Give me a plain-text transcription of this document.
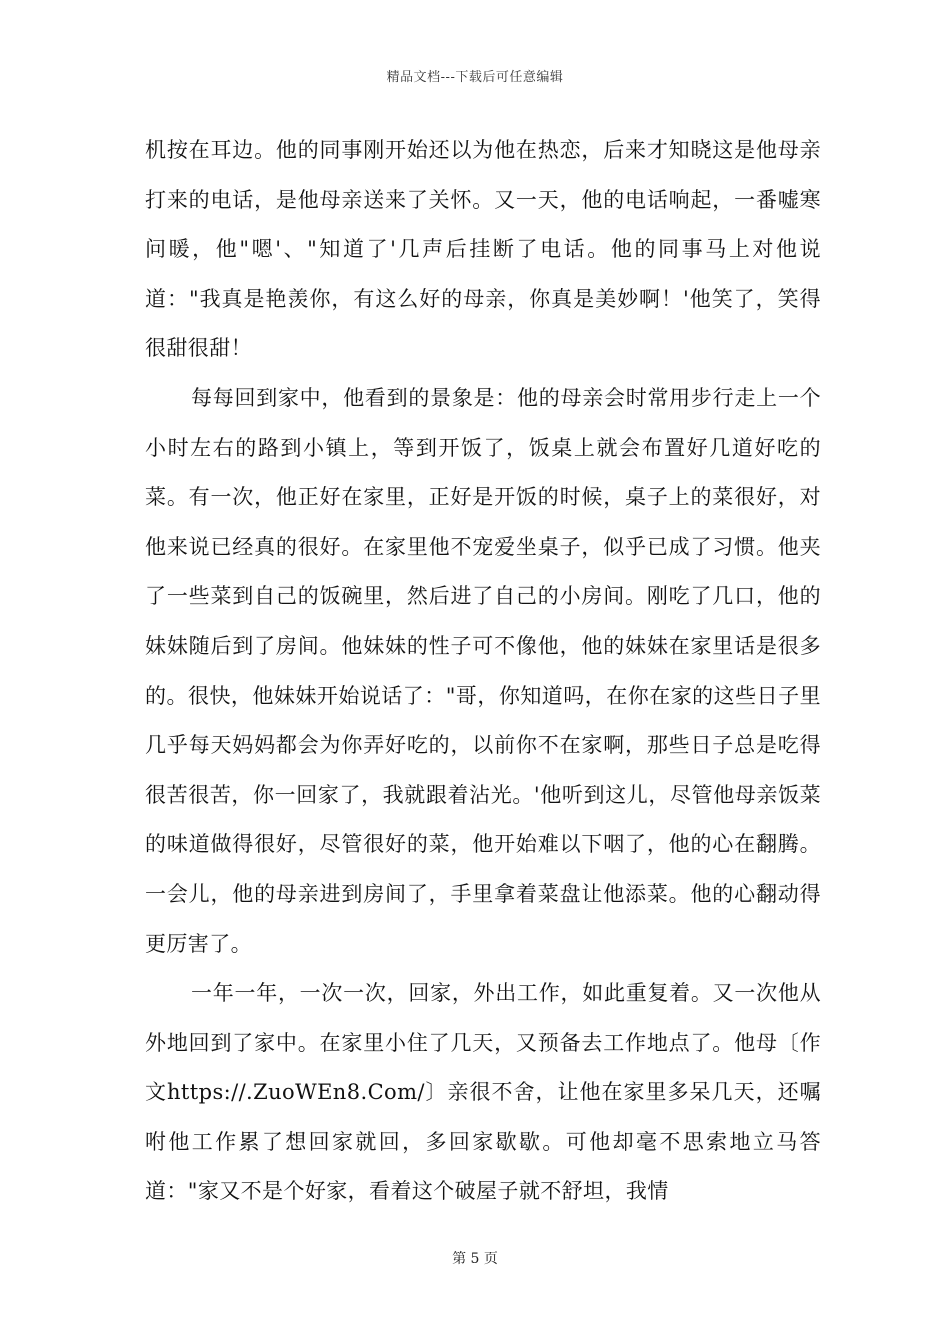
精品文档---下载后可任意编辑

机按在耳边。他的同事刚开始还以为他在热恋，后来才知晓这是他母亲打来的电话，是他母亲送来了关怀。又一天，他的电话响起，一番嘘寒问暖，他"嗯'、"知道了'几声后挂断了电话。他的同事马上对他说道："我真是艳羡你，有这么好的母亲，你真是美妙啊！'他笑了，笑得很甜很甜！

每每回到家中，他看到的景象是：他的母亲会时常用步行走上一个小时左右的路到小镇上，等到开饭了，饭桌上就会布置好几道好吃的菜。有一次，他正好在家里，正好是开饭的时候，桌子上的菜很好，对他来说已经真的很好。在家里他不宠爱坐桌子，似乎已成了习惯。他夹了一些菜到自己的饭碗里，然后进了自己的小房间。刚吃了几口，他的妹妹随后到了房间。他妹妹的性子可不像他，他的妹妹在家里话是很多的。很快，他妹妹开始说话了："哥，你知道吗，在你在家的这些日子里几乎每天妈妈都会为你弄好吃的，以前你不在家啊，那些日子总是吃得很苦很苦，你一回家了，我就跟着沾光。'他听到这儿，尽管他母亲饭菜的味道做得很好，尽管很好的菜，他开始难以下咽了，他的心在翻腾。一会儿，他的母亲进到房间了，手里拿着菜盘让他添菜。他的心翻动得更厉害了。

一年一年，一次一次，回家，外出工作，如此重复着。又一次他从外地回到了家中。在家里小住了几天，又预备去工作地点了。他母〔作文https://.ZuoWEn8.Com/〕亲很不舍，让他在家里多呆几天，还嘱咐他工作累了想回家就回，多回家歇歇。可他却毫不思索地立马答道："家又不是个好家，看着这个破屋子就不舒坦，我情

第 5 页
